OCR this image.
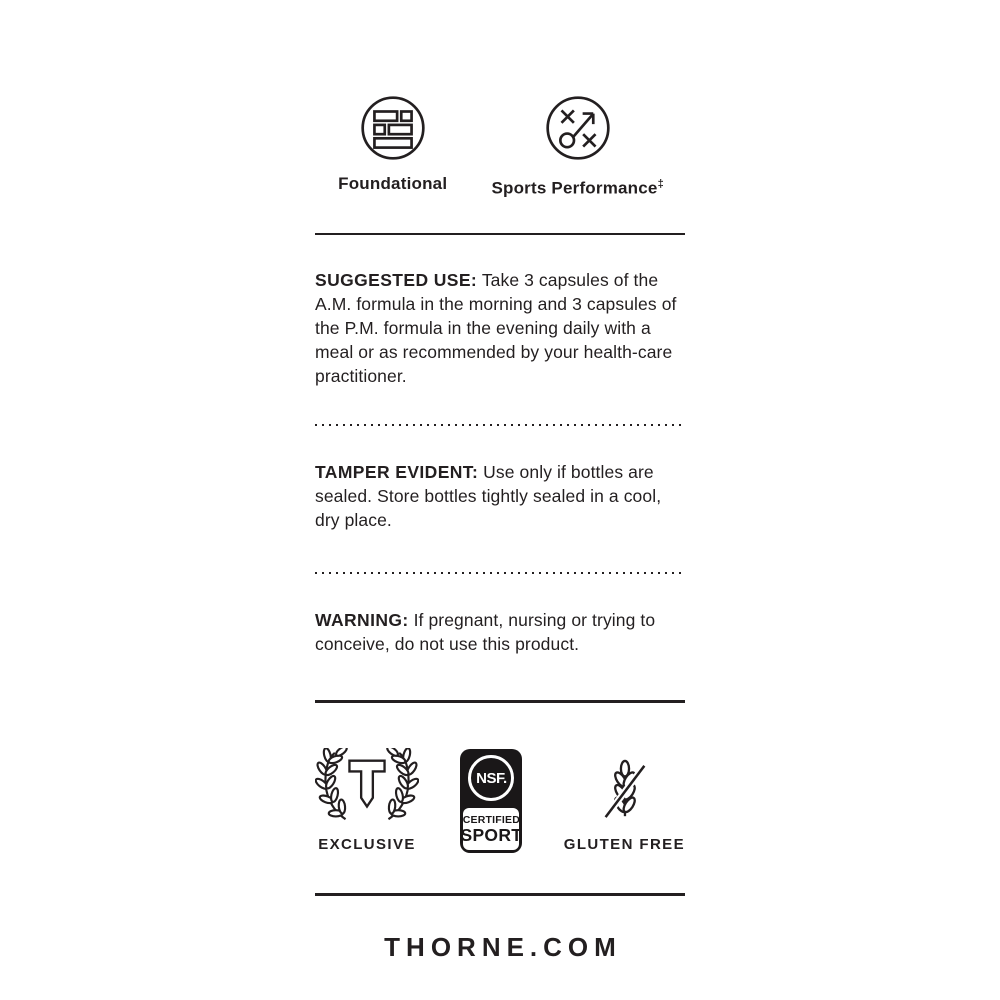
Foundational	Sports Performance‡

SUGGESTED USE: Take 3 capsules of the A.M. formula in the morning and 3 capsules of the P.M. formula in the evening daily with a meal or as recommended by your health-care practitioner.

TAMPER EVIDENT: Use only if bottles are sealed. Store bottles tightly sealed in a cool, dry place.

WARNING: If pregnant, nursing or trying to conceive, do not use this product.

EXCLUSIVE
NSF.
CERTIFIED
SPORT	GLUTEN FREE
THORNE.COM
